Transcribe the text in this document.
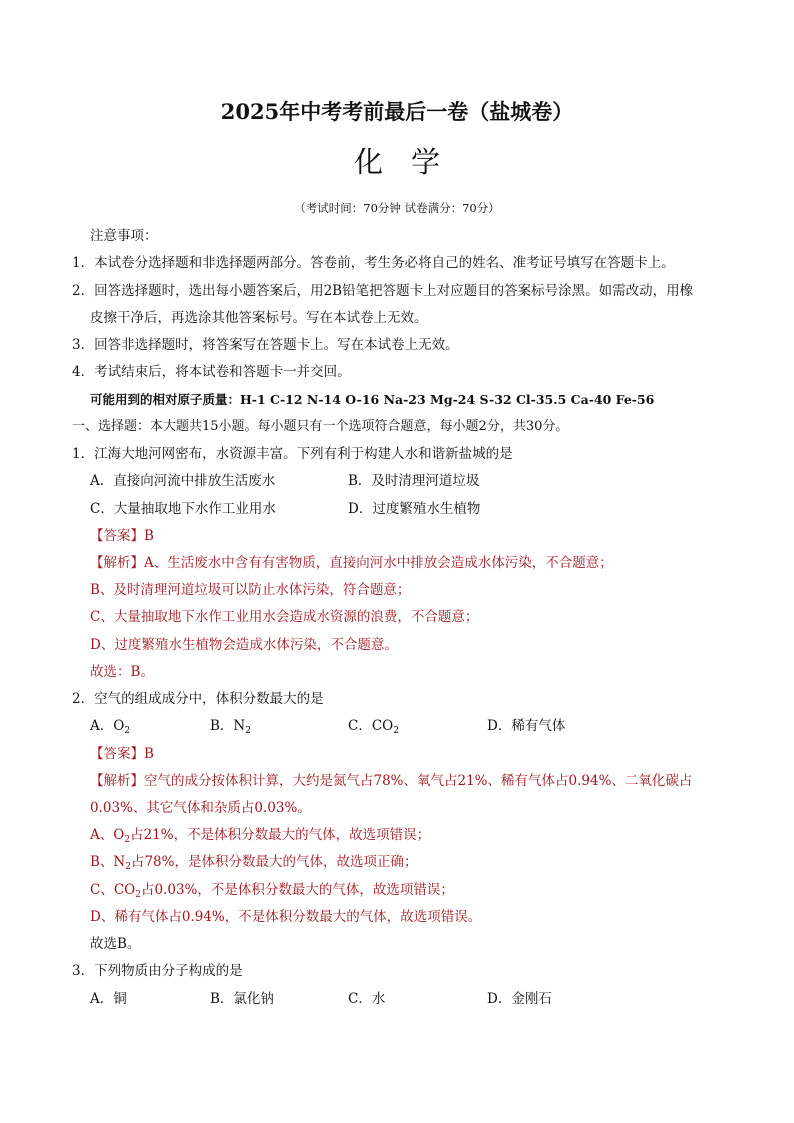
2025年中考考前最后一卷（盐城卷）
化学
（考试时间：70分钟 试卷满分：70分）
注意事项：
1．本试卷分选择题和非选择题两部分。答卷前，考生务必将自己的姓名、准考证号填写在答题卡上。
2．回答选择题时，选出每小题答案后，用2B铅笔把答题卡上对应题目的答案标号涂黑。如需改动，用橡
皮擦干净后，再选涂其他答案标号。写在本试卷上无效。
3．回答非选择题时，将答案写在答题卡上。写在本试卷上无效。
4．考试结束后，将本试卷和答题卡一并交回。
可能用到的相对原子质量：H-1 C-12 N-14 O-16 Na-23 Mg-24 S-32 Cl-35.5 Ca-40 Fe-56
一、选择题：本大题共15小题。每小题只有一个选项符合题意，每小题2分，共30分。
1．江海大地河网密布，水资源丰富。下列有利于构建人水和谐新盐城的是
A．直接向河流中排放生活废水	B．及时清理河道垃圾
C．大量抽取地下水作工业用水	D．过度繁殖水生植物
【答案】B
【解析】A、生活废水中含有有害物质，直接向河水中排放会造成水体污染，不合题意；
B、及时清理河道垃圾可以防止水体污染，符合题意；
C、大量抽取地下水作工业用水会造成水资源的浪费，不合题意；
D、过度繁殖水生植物会造成水体污染，不合题意。
故选：B。
2．空气的组成成分中，体积分数最大的是
A．$O_2$	B．$N_2$	C．$CO_2$	D．稀有气体
【答案】B
【解析】空气的成分按体积计算，大约是氮气占78%、氧气占21%、稀有气体占0.94%、二氧化碳占
0.03%、其它气体和杂质占0.03%。
A、$O_2$占21%，不是体积分数最大的气体，故选项错误；
B、$N_2$占78%，是体积分数最大的气体，故选项正确；
C、$CO_2$占0.03%，不是体积分数最大的气体，故选项错误；
D、稀有气体占0.94%，不是体积分数最大的气体，故选项错误。
故选B。
3．下列物质由分子构成的是
A．铜	B．氯化钠	C．水	D．金刚石
